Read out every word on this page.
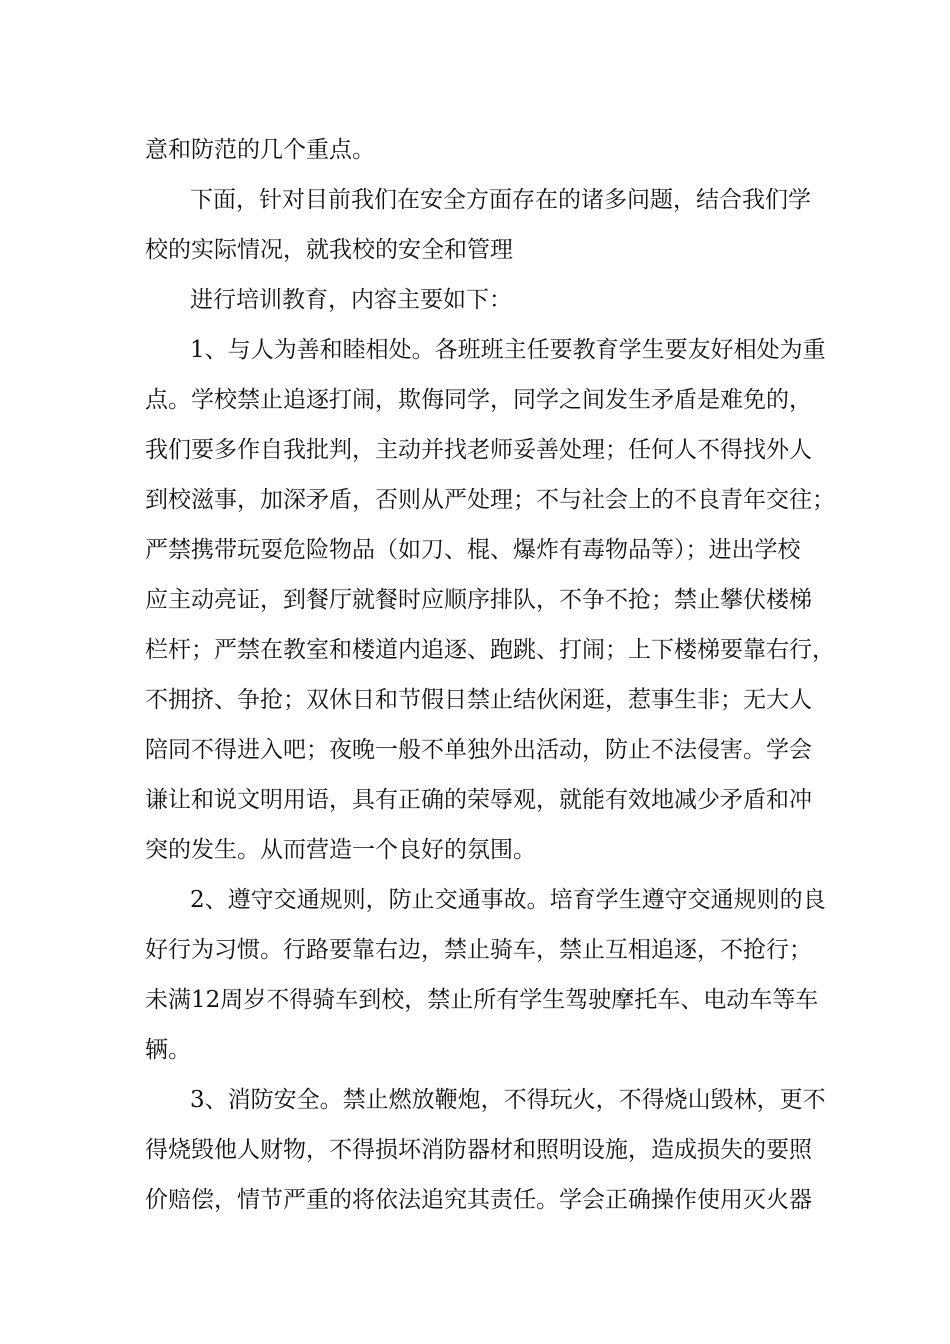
意和防范的几个重点。
下面，针对目前我们在安全方面存在的诸多问题，结合我们学
校的实际情况，就我校的安全和管理
进行培训教育，内容主要如下：
1、与人为善和睦相处。各班班主任要教育学生要友好相处为重
点。学校禁止追逐打闹，欺侮同学，同学之间发生矛盾是难免的，
我们要多作自我批判，主动并找老师妥善处理；任何人不得找外人
到校滋事，加深矛盾，否则从严处理；不与社会上的不良青年交往；
严禁携带玩耍危险物品（如刀、棍、爆炸有毒物品等）；进出学校
应主动亮证，到餐厅就餐时应顺序排队，不争不抢；禁止攀伏楼梯
栏杆；严禁在教室和楼道内追逐、跑跳、打闹；上下楼梯要靠右行，
不拥挤、争抢；双休日和节假日禁止结伙闲逛，惹事生非；无大人
陪同不得进入吧；夜晚一般不单独外出活动，防止不法侵害。学会
谦让和说文明用语，具有正确的荣辱观，就能有效地减少矛盾和冲
突的发生。从而营造一个良好的氛围。
2、遵守交通规则，防止交通事故。培育学生遵守交通规则的良
好行为习惯。行路要靠右边，禁止骑车，禁止互相追逐，不抢行；
未满12周岁不得骑车到校，禁止所有学生驾驶摩托车、电动车等车
辆。
3、消防安全。禁止燃放鞭炮，不得玩火，不得烧山毁林，更不
得烧毁他人财物，不得损坏消防器材和照明设施，造成损失的要照
价赔偿，情节严重的将依法追究其责任。学会正确操作使用灭火器
